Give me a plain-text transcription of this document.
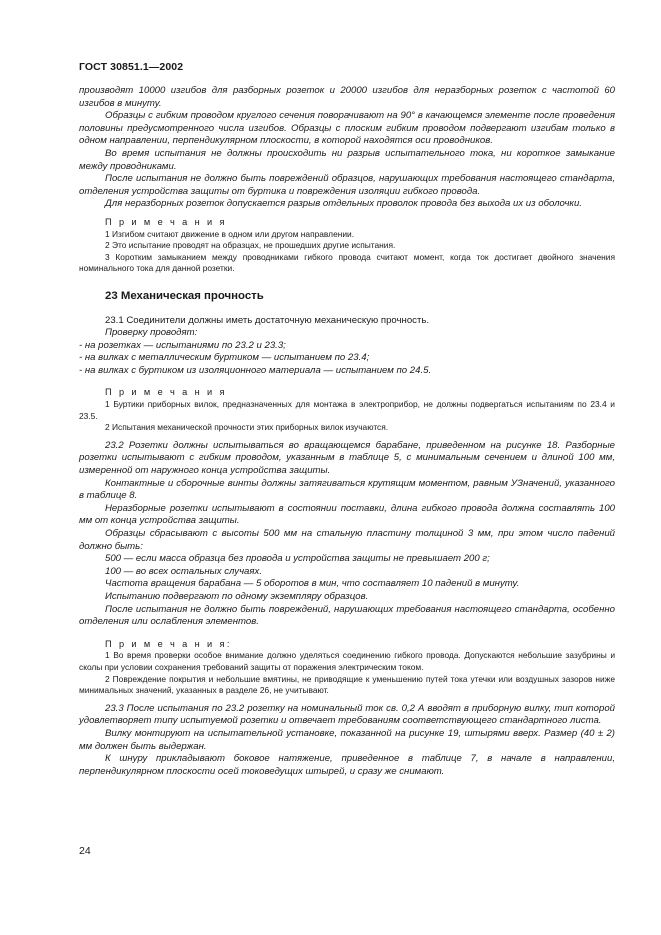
ГОСТ 30851.1—2002

производят 10000 изгибов для разборных розеток и 20000 изгибов для неразборных розеток с частотой 60 изгибов в минуту.

Образцы с гибким проводом круглого сечения поворачивают на 90° в качающемся элементе после проведения половины предусмотренного числа изгибов. Образцы с плоским гибким проводом подвергают изгибам только в одном направлении, перпендикулярном плоскости, в которой находятся оси проводников.

Во время испытания не должны происходить ни разрыв испытательного тока, ни короткое замыкание между проводниками.

После испытания не должно быть повреждений образцов, нарушающих требования настоящего стандарта, отделения устройства защиты от буртика и повреждения изоляции гибкого провода.

Для неразборных розеток допускается разрыв отдельных проволок провода без выхода их из оболочки.

П р и м е ч а н и я

1 Изгибом считают движение в одном или другом направлении.

2 Это испытание проводят на образцах, не прошедших другие испытания.

3 Коротким замыканием между проводниками гибкого провода считают момент, когда ток достигает двойного значения номинального тока для данной розетки.

23 Механическая прочность

23.1 Соединители должны иметь достаточную механическую прочность.

Проверку проводят:

- на розетках — испытаниями по 23.2 и 23.3;

- на вилках с металлическим буртиком — испытанием по 23.4;

- на вилках с буртиком из изоляционного материала — испытанием по 24.5.

П р и м е ч а н и я

1 Буртики приборных вилок, предназначенных для монтажа в электроприбор, не должны подвергаться испытаниям по 23.4 и 23.5.

2 Испытания механической прочности этих приборных вилок изучаются.

23.2 Розетки должны испытываться во вращающемся барабане, приведенном на рисунке 18. Разборные розетки испытывают с гибким проводом, указанным в таблице 5, с минимальным сечением и длиной 100 мм, измеренной от наружного конца устройства защиты.

Контактные и сборочные винты должны затягиваться крутящим моментом, равным УЗначений, указанного в таблице 8.

Неразборные розетки испытывают в состоянии поставки, длина гибкого провода должна составлять 100 мм от конца устройства защиты.

Образцы сбрасывают с высоты 500 мм на стальную пластину толщиной 3 мм, при этом число падений должно быть:

500 — если масса образца без провода и устройства защиты не превышает 200 г;

100 — во всех остальных случаях.

Частота вращения барабана — 5 оборотов в мин, что составляет 10 падений в минуту.

Испытанию подвергают по одному экземпляру образцов.

После испытания не должно быть повреждений, нарушающих требования настоящего стандарта, особенно отделения или ослабления элементов.

П р и м е ч а н и я:

1 Во время проверки особое внимание должно уделяться соединению гибкого провода. Допускаются небольшие зазубрины и сколы при условии сохранения требований защиты от поражения электрическим током.

2 Повреждение покрытия и небольшие вмятины, не приводящие к уменьшению путей тока утечки или воздушных зазоров ниже минимальных значений, указанных в разделе 26, не учитывают.

23.3 После испытания по 23.2 розетку на номинальный ток св. 0,2 А вводят в приборную вилку, тип которой удовлетворяет типу испытуемой розетки и отвечает требованиям соответствующего стандартного листа.

Вилку монтируют на испытательной установке, показанной на рисунке 19, штырями вверх. Размер (40 ± 2) мм должен быть выдержан.

К шнуру прикладывают боковое натяжение, приведенное в таблице 7, в начале в направлении, перпендикулярном плоскости осей токоведущих штырей, и сразу же снимают.

24
